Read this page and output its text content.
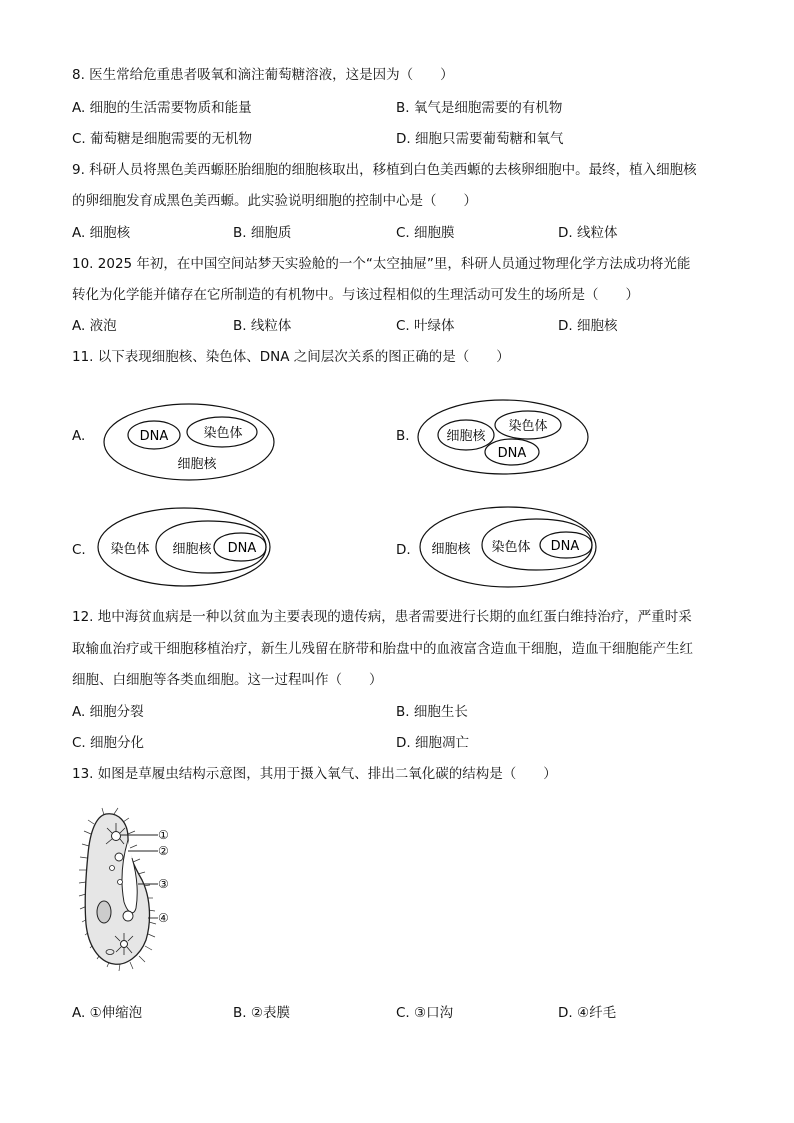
8. 医生常给危重患者吸氧和滴注葡萄糖溶液，这是因为（　　）
A. 细胞的生活需要物质和能量	B. 氧气是细胞需要的有机物
C. 葡萄糖是细胞需要的无机物	D. 细胞只需要葡萄糖和氧气
9. 科研人员将黑色美西螈胚胎细胞的细胞核取出，移植到白色美西螈的去核卵细胞中。最终，植入细胞核
的卵细胞发育成黑色美西螈。此实验说明细胞的控制中心是（　　）
A. 细胞核	B. 细胞质	C. 细胞膜	D. 线粒体
10. 2025 年初，在中国空间站梦天实验舱的一个“太空抽屉”里，科研人员通过物理化学方法成功将光能
转化为化学能并储存在它所制造的有机物中。与该过程相似的生理活动可发生的场所是（　　）
A. 液泡	B. 线粒体	C. 叶绿体	D. 细胞核
11. 以下表现细胞核、染色体、DNA 之间层次关系的图正确的是（　　）
A.	DNA	染色体
细胞核
B.	细胞核
染色体
DNA
C. 染色体 细胞核 DNA	D. 细胞核 染色体 DNA
12. 地中海贫血病是一种以贫血为主要表现的遗传病，患者需要进行长期的血红蛋白维持治疗，严重时采
取输血治疗或干细胞移植治疗，新生儿残留在脐带和胎盘中的血液富含造血干细胞，造血干细胞能产生红
细胞、白细胞等各类血细胞。这一过程叫作（　　）
A. 细胞分裂	B. 细胞生长
C. 细胞分化	D. 细胞凋亡
13. 如图是草履虫结构示意图，其用于摄入氧气、排出二氧化碳的结构是（　　）
①
②
③
④
A. ①伸缩泡	B. ②表膜	C. ③口沟	D. ④纤毛
